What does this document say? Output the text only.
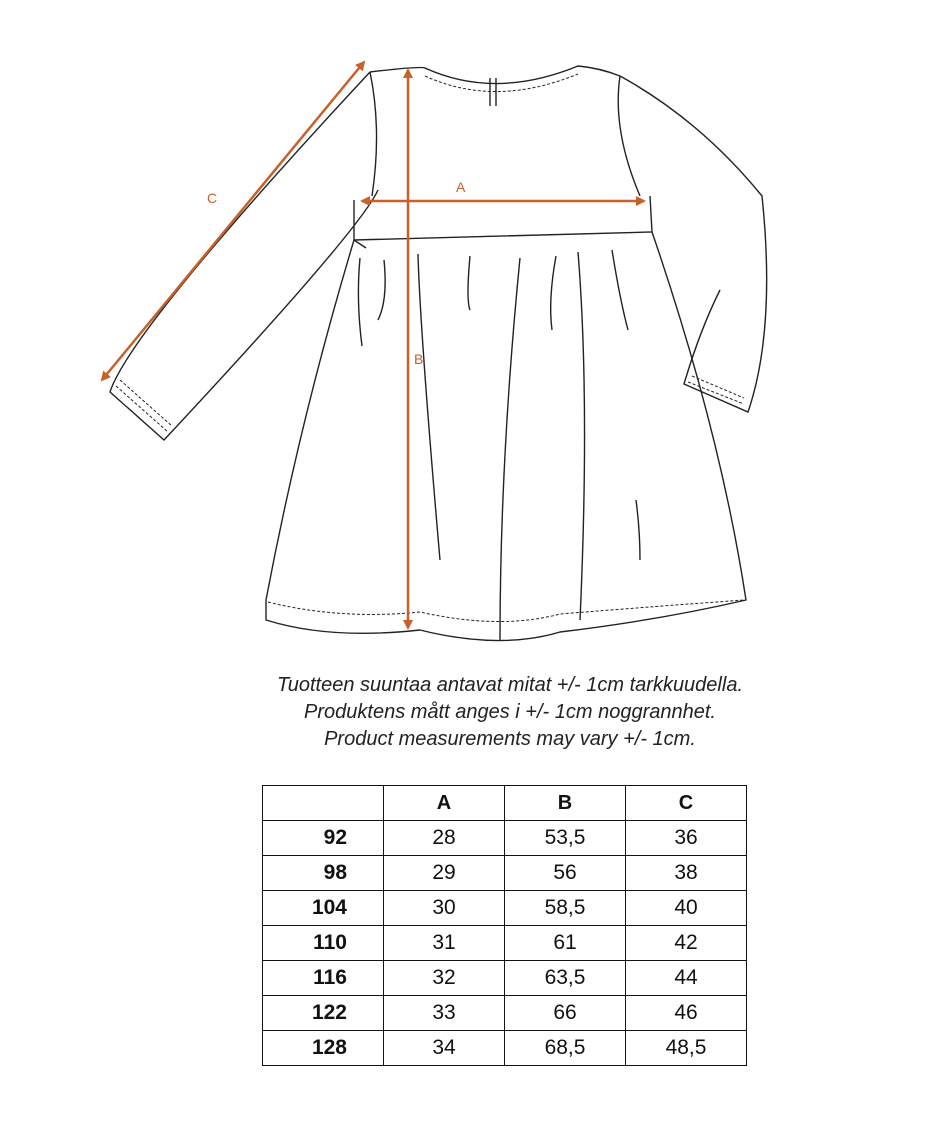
A
B
C
Tuotteen suuntaa antavat mitat +/- 1cm tarkkuudella.
Produktens mått anges i +/- 1cm noggrannhet.
Product measurements may vary +/- 1cm.
	A	B	C
92	28	53,5	36
98	29	56	38
104	30	58,5	40
110	31	61	42
116	32	63,5	44
122	33	66	46
128	34	68,5	48,5
